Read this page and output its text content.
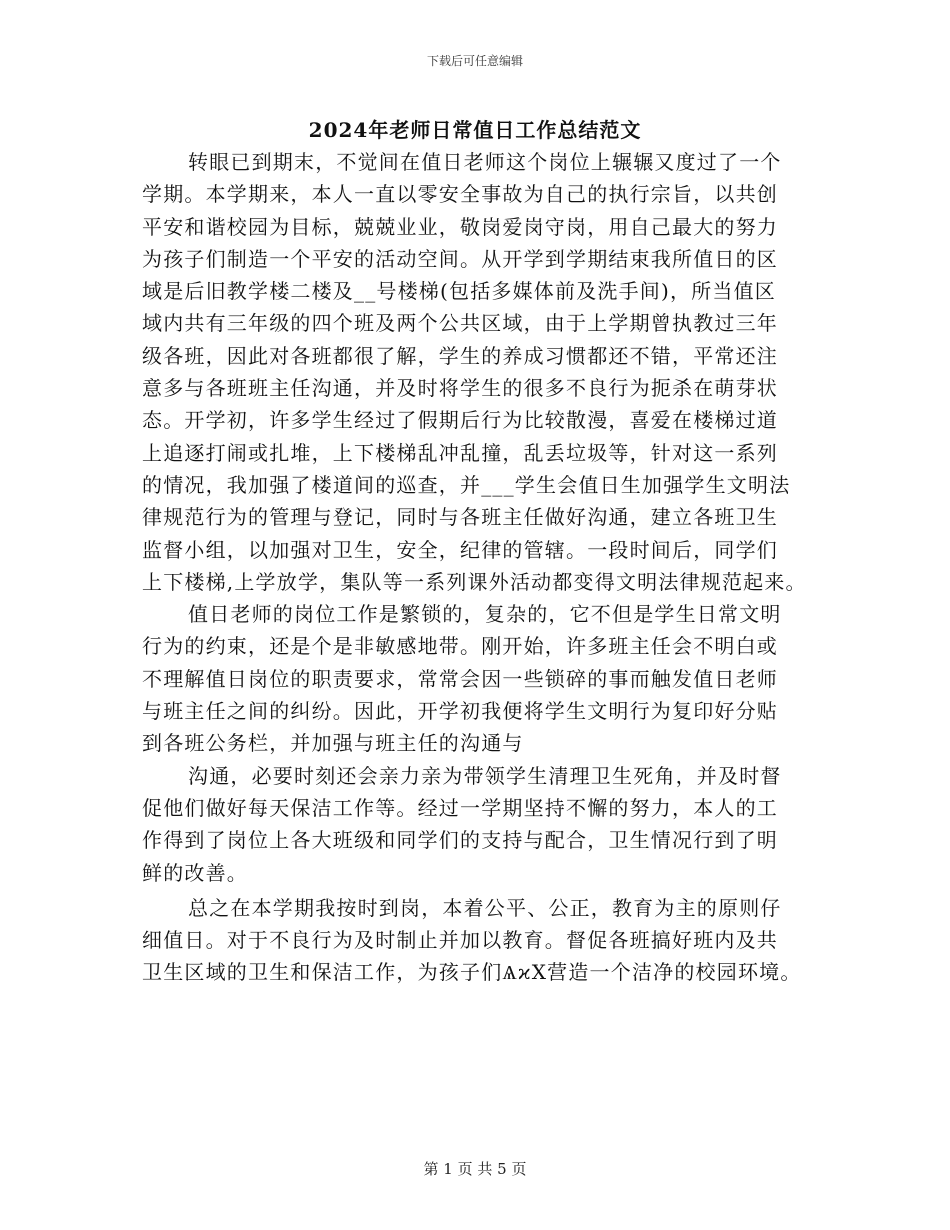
下载后可任意编辑
2024年老师日常值日工作总结范文
转眼已到期末，不觉间在值日老师这个岗位上辗辗又度过了一个
学期。本学期来，本人一直以零安全事故为自己的执行宗旨，以共创
平安和谐校园为目标，兢兢业业，敬岗爱岗守岗，用自己最大的努力
为孩子们制造一个平安的活动空间。从开学到学期结束我所值日的区
域是后旧教学楼二楼及__号楼梯(包括多媒体前及洗手间)，所当值区
域内共有三年级的四个班及两个公共区域，由于上学期曾执教过三年
级各班，因此对各班都很了解，学生的养成习惯都还不错，平常还注
意多与各班班主任沟通，并及时将学生的很多不良行为扼杀在萌芽状
态。开学初，许多学生经过了假期后行为比较散漫，喜爱在楼梯过道
上追逐打闹或扎堆，上下楼梯乱冲乱撞，乱丢垃圾等，针对这一系列
的情况，我加强了楼道间的巡查，并___学生会值日生加强学生文明法
律规范行为的管理与登记，同时与各班主任做好沟通，建立各班卫生
监督小组，以加强对卫生，安全，纪律的管辖。一段时间后，同学们
上下楼梯,上学放学，集队等一系列课外活动都变得文明法律规范起来。
值日老师的岗位工作是繁锁的，复杂的，它不但是学生日常文明
行为的约束，还是个是非敏感地带。刚开始，许多班主任会不明白或
不理解值日岗位的职责要求，常常会因一些锁碎的事而触发值日老师
与班主任之间的纠纷。因此，开学初我便将学生文明行为复印好分贴
到各班公务栏，并加强与班主任的沟通与
沟通，必要时刻还会亲力亲为带领学生清理卫生死角，并及时督
促他们做好每天保洁工作等。经过一学期坚持不懈的努力，本人的工
作得到了岗位上各大班级和同学们的支持与配合，卫生情况行到了明
鲜的改善。
总之在本学期我按时到岗，本着公平、公正，教育为主的原则仔
细值日。对于不良行为及时制止并加以教育。督促各班搞好班内及共
卫生区域的卫生和保洁工作，为孩子们ѦϰX营造一个洁净的校园环境。
第 1 页 共 5 页
